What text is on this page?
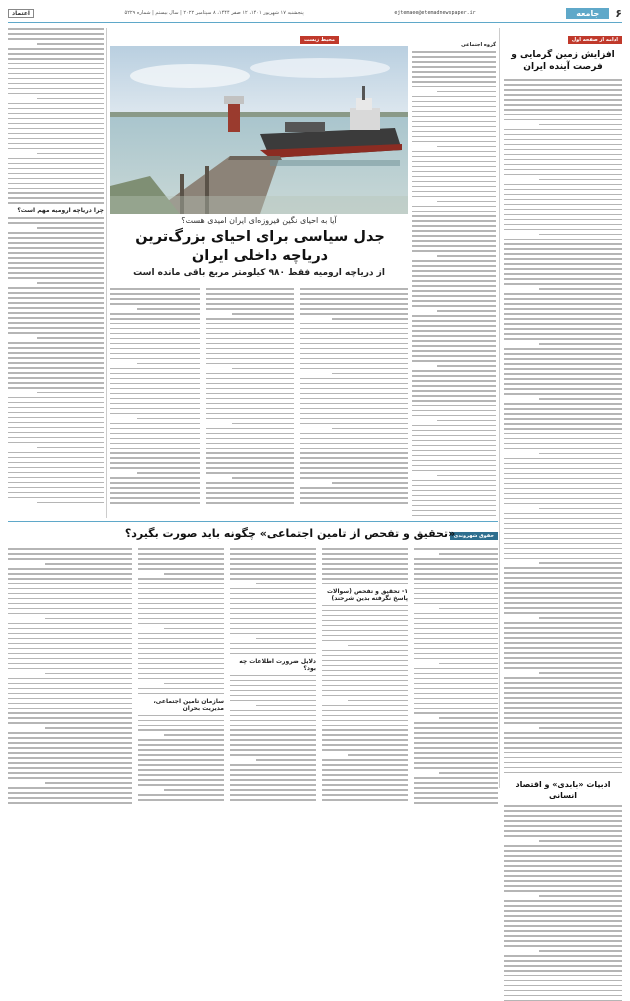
۶
جامعه
ejtemaee@etemadnewspaper.ir
پنجشنبه ۱۷ شهریور ۱۴۰۱، ۱۲ صفر ۱۴۴۴، ۸ سپتامبر ۲۰۲۲ | سال بیستم | شماره ۵۲۲۹
اعتماد
ادامه از صفحه اول
افزایش زمین گرمایی و فرصت آینده ایران
ادبیات «بابدی» و اقتصاد انسانی
محیط زیست
گروه اجتماعی
آیا به احیای نگین فیروزه‌ای ایران امیدی هست؟
جدل سیاسی برای احیای بزرگ‌ترین دریاچه داخلی ایران
از دریاچه ارومیه فقط ۹۸۰ کیلومتر مربع باقی مانده است
چرا دریاچه ارومیه مهم است؟
حقوق شهروندی
«تحقیق و تفحص از تامین اجتماعی» چگونه باید صورت بگیرد؟
۱- تحقیق و تفحص (سوالات پاسخ نگرفته بدین شرحند)
دلایل ضرورت اطلاعات چه بود؟
سازمان تامین اجتماعی، مدیریت بحران
